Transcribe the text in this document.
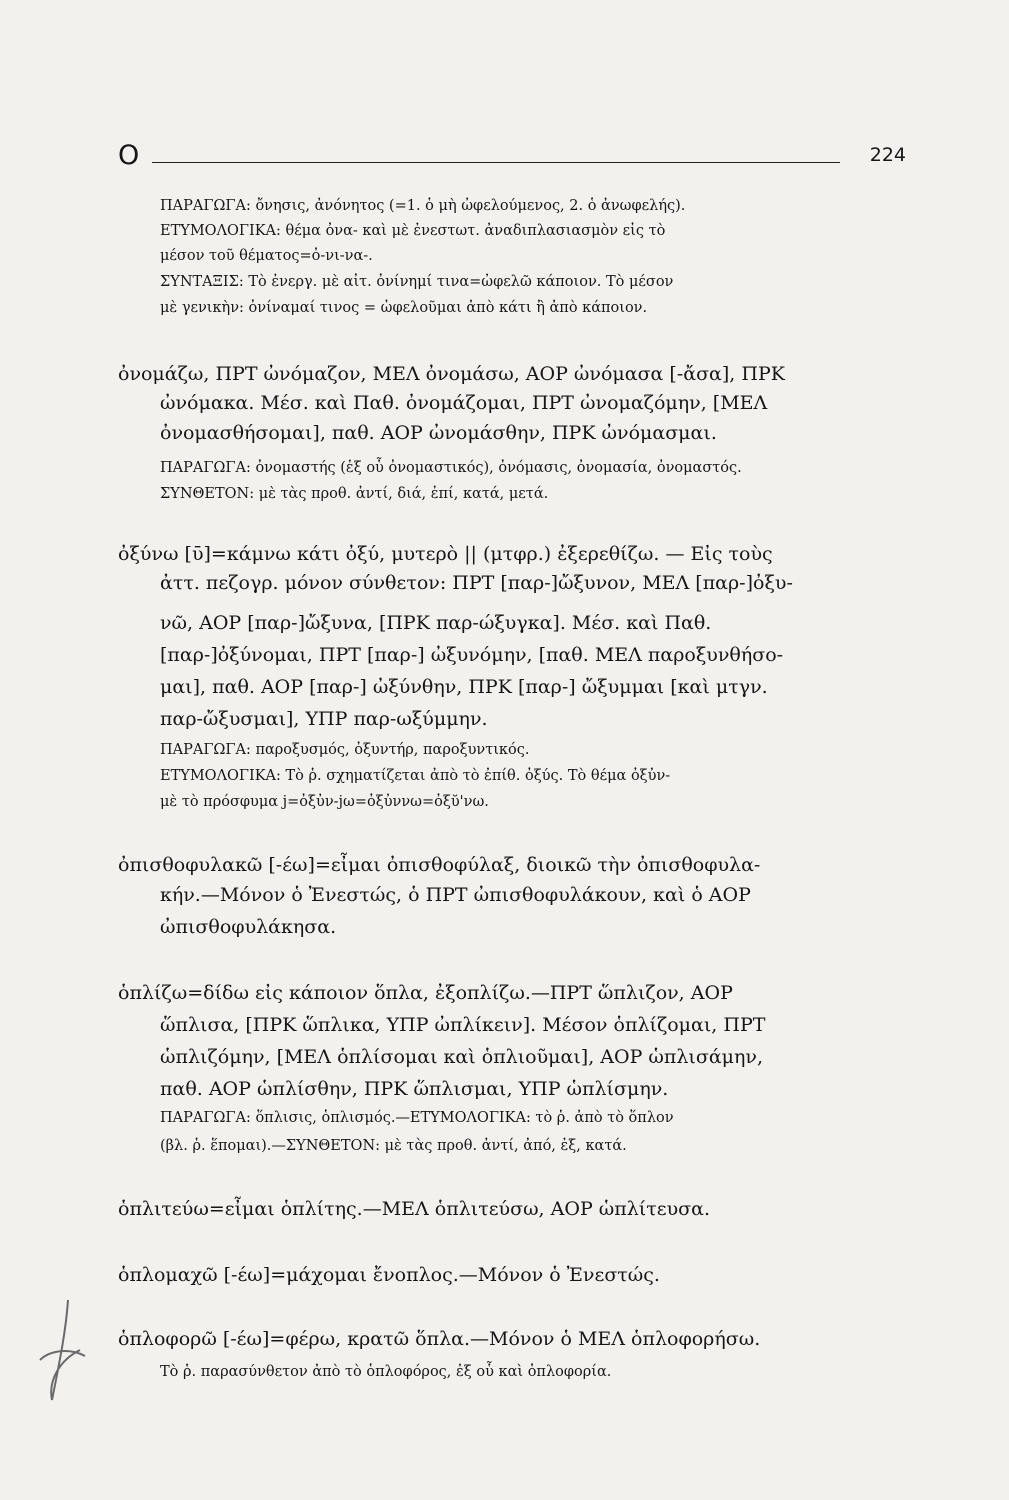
Ο	224
ΠΑΡΑΓΩΓΑ: ὄνησις, ἀνόνητος (=1. ὁ μὴ ὠφελούμενος, 2. ὁ ἀνωφελής).
ΕΤΥΜΟΛΟΓΙΚΑ: θέμα ὀνα- καὶ μὲ ἐνεστωτ. ἀναδιπλασιασμὸν εἰς τὸ
μέσον τοῦ θέματος=ὀ-νι-να-.
ΣΥΝΤΑΞΙΣ: Τὸ ἐνεργ. μὲ αἰτ. ὀνίνημί τινα=ὠφελῶ κάποιον. Τὸ μέσον
μὲ γενικὴν: ὀνίναμαί τινος = ὠφελοῦμαι ἀπὸ κάτι ἢ ἀπὸ κάποιον.
ὀνομάζω, ΠΡΤ ὠνόμαζον, ΜΕΛ ὀνομάσω, ΑΟΡ ὠνόμασα [-ἄσα], ΠΡΚ
ὠνόμακα. Μέσ. καὶ Παθ. ὀνομάζομαι, ΠΡΤ ὠνομαζόμην, [ΜΕΛ
ὀνομασθήσομαι], παθ. ΑΟΡ ὠνομάσθην, ΠΡΚ ὠνόμασμαι.
ΠΑΡΑΓΩΓΑ: ὀνομαστής (ἐξ οὗ ὀνομαστικός), ὀνόμασις, ὀνομασία, ὀνομαστός.
ΣΥΝΘΕΤΟΝ: μὲ τὰς προθ. ἀντί, διά, ἐπί, κατά, μετά.
ὀξύνω [ῡ]=κάμνω κάτι ὀξύ, μυτερὸ || (μτφρ.) ἐξερεθίζω. — Εἰς τοὺς
ἀττ. πεζογρ. μόνον σύνθετον: ΠΡΤ [παρ-]ὤξυνον, ΜΕΛ [παρ-]ὀξυ-
νῶ, ΑΟΡ [παρ-]ὤξυνα, [ΠΡΚ παρ-ώξυγκα]. Μέσ. καὶ Παθ.
[παρ-]ὀξύνομαι, ΠΡΤ [παρ-] ὠξυνόμην, [παθ. ΜΕΛ παροξυνθήσο-
μαι], παθ. ΑΟΡ [παρ-] ὠξύνθην, ΠΡΚ [παρ-] ὤξυμμαι [καὶ μτγν.
παρ-ὤξυσμαι], ΥΠΡ παρ-ωξύμμην.
ΠΑΡΑΓΩΓΑ: παροξυσμός, ὀξυντήρ, παροξυντικός.
ΕΤΥΜΟΛΟΓΙΚΑ: Τὸ ῥ. σχηματίζεται ἀπὸ τὸ ἐπίθ. ὀξύς. Τὸ θέμα ὀξὐν-
μὲ τὸ πρόσφυμα j=ὀξὐν-jω=ὀξὐννω=ὀξῠ'νω.
ὀπισθοφυλακῶ [-έω]=εἶμαι ὀπισθοφύλαξ, διοικῶ τὴν ὀπισθοφυλα-
κήν.—Μόνον ὁ Ἐνεστώς, ὁ ΠΡΤ ὠπισθοφυλάκουν, καὶ ὁ ΑΟΡ
ὠπισθοφυλάκησα.
ὁπλίζω=δίδω εἰς κάποιον ὅπλα, ἐξοπλίζω.—ΠΡΤ ὥπλιζον, ΑΟΡ
ὥπλισα, [ΠΡΚ ὥπλικα, ΥΠΡ ὠπλίκειν]. Μέσον ὁπλίζομαι, ΠΡΤ
ὡπλιζόμην, [ΜΕΛ ὁπλίσομαι καὶ ὁπλιοῦμαι], ΑΟΡ ὡπλισάμην,
παθ. ΑΟΡ ὡπλίσθην, ΠΡΚ ὥπλισμαι, ΥΠΡ ὡπλίσμην.
ΠΑΡΑΓΩΓΑ: ὅπλισις, ὁπλισμός.—ΕΤΥΜΟΛΟΓΙΚΑ: τὸ ῥ. ἀπὸ τὸ ὅπλον
(βλ. ῥ. ἕπομαι).—ΣΥΝΘΕΤΟΝ: μὲ τὰς προθ. ἀντί, ἀπό, ἐξ, κατά.
ὁπλιτεύω=εἶμαι ὁπλίτης.—ΜΕΛ ὁπλιτεύσω, ΑΟΡ ὡπλίτευσα.
ὁπλομαχῶ [-έω]=μάχομαι ἔνοπλος.—Μόνον ὁ Ἐνεστώς.
ὁπλοφορῶ [-έω]=φέρω, κρατῶ ὅπλα.—Μόνον ὁ ΜΕΛ ὁπλοφορήσω.
Τὸ ῥ. παρασύνθετον ἀπὸ τὸ ὁπλοφόρος, ἐξ οὗ καὶ ὁπλοφορία.
